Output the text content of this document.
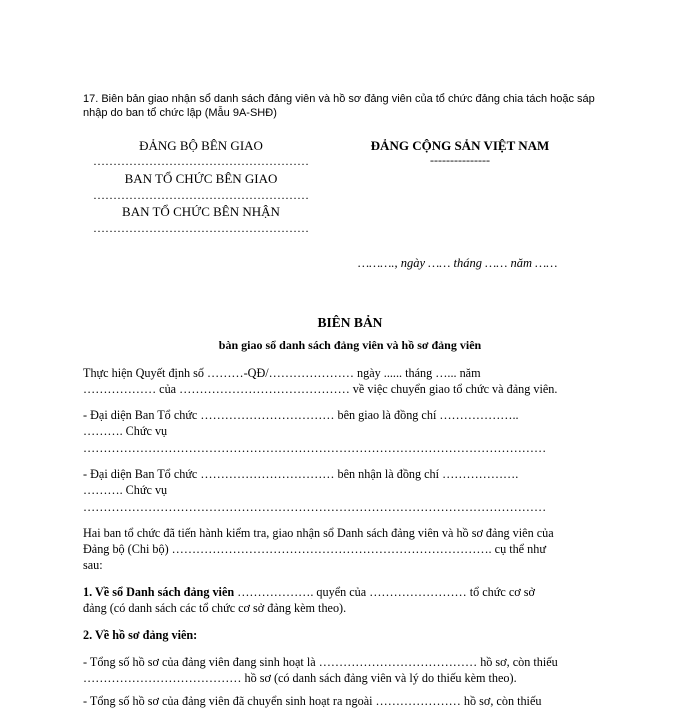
17. Biên bản giao nhận sổ danh sách đảng viên và hồ sơ đảng viên của tổ chức đảng chia tách hoặc sáp
nhập do ban tổ chức lập (Mẫu 9A-SHĐ)
ĐẢNG BỘ BÊN GIAO
………………………………………………
BAN TỔ CHỨC BÊN GIAO
………………………………………………
BAN TỔ CHỨC BÊN NHẬN
………………………………………………
ĐẢNG CỘNG SẢN VIỆT NAM
---------------
………., ngày …… tháng …… năm ……
BIÊN BẢN
bàn giao sổ danh sách đảng viên và hồ sơ đảng viên
Thực hiện Quyết định số ………-QĐ/………………… ngày ...... tháng …... năm
……………… của …………………………………… về việc chuyển giao tổ chức và đảng viên.
- Đại diện Ban Tổ chức …………………………… bên giao là đồng chí ………………..
………. Chức vụ
……………………………………………………………………………………………………
- Đại diện Ban Tổ chức …………………………… bên nhận là đồng chí ……………….
………. Chức vụ
……………………………………………………………………………………………………
Hai ban tổ chức đã tiến hành kiểm tra, giao nhận sổ Danh sách đảng viên và hồ sơ đảng viên của
Đảng bộ (Chi bộ) ……………………………………………………………………. cụ thể như
sau:
1. Về sổ Danh sách đảng viên ………………. quyển của …………………… tổ chức cơ sở
đảng (có danh sách các tổ chức cơ sở đảng kèm theo).
2. Về hồ sơ đảng viên:
- Tổng số hồ sơ của đảng viên đang sinh hoạt là ………………………………… hồ sơ, còn thiếu
………………………………… hồ sơ (có danh sách đảng viên và lý do thiếu kèm theo).
- Tổng số hồ sơ của đảng viên đã chuyển sinh hoạt ra ngoài ………………… hồ sơ, còn thiếu
